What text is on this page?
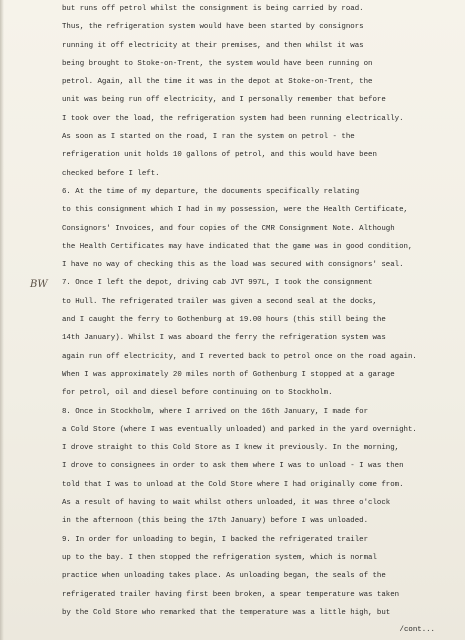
BW
but runs off petrol whilst the consignment is being carried by road.
Thus, the refrigeration system would have been started by consignors
running it off electricity at their premises, and then whilst it was
being brought to Stoke-on-Trent, the system would have been running on
petrol. Again, all the time it was in the depot at Stoke-on-Trent, the
unit was being run off electricity, and I personally remember that before
I took over the load, the refrigeration system had been running electrically.
As soon as I started on the road, I ran the system on petrol - the
refrigeration unit holds 10 gallons of petrol, and this would have been
checked before I left.
6. At the time of my departure, the documents specifically relating
to this consignment which I had in my possession, were the Health Certificate,
Consignors' Invoices, and four copies of the CMR Consignment Note. Although
the Health Certificates may have indicated that the game was in good condition,
I have no way of checking this as the load was secured with consignors' seal.
7. Once I left the depot, driving cab JVT 997L, I took the consignment
to Hull. The refrigerated trailer was given a second seal at the docks,
and I caught the ferry to Gothenburg at 19.00 hours (this still being the
14th January). Whilst I was aboard the ferry the refrigeration system was
again run off electricity, and I reverted back to petrol once on the road again.
When I was approximately 20 miles north of Gothenburg I stopped at a garage
for petrol, oil and diesel before continuing on to Stockholm.
8. Once in Stockholm, where I arrived on the 16th January, I made for
a Cold Store (where I was eventually unloaded) and parked in the yard overnight.
I drove straight to this Cold Store as I knew it previously. In the morning,
I drove to consignees in order to ask them where I was to unload - I was then
told that I was to unload at the Cold Store where I had originally come from.
As a result of having to wait whilst others unloaded, it was three o'clock
in the afternoon (this being the 17th January) before I was unloaded.
9. In order for unloading to begin, I backed the refrigerated trailer
up to the bay. I then stopped the refrigeration system, which is normal
practice when unloading takes place. As unloading began, the seals of the
refrigerated trailer having first been broken, a spear temperature was taken
by the Cold Store who remarked that the temperature was a little high, but
/cont...
